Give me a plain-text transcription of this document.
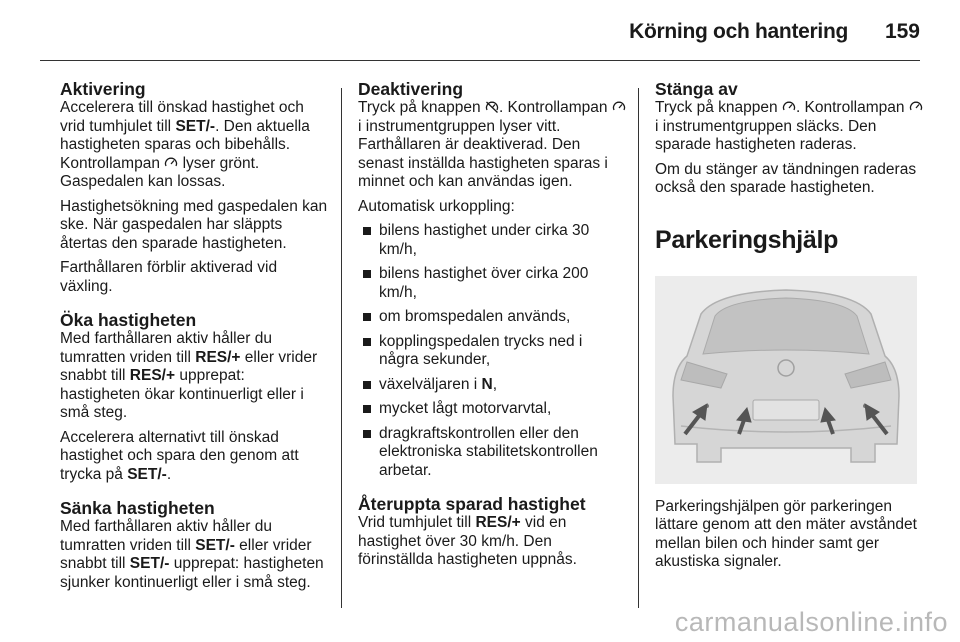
Körning och hantering 159
Aktivering

Accelerera till önskad hastighet och vrid tumhjulet till SET/-. Den aktuella hastigheten sparas och bibehålls. Kontrollampan  lyser grönt.
Gaspedalen kan lossas.

Hastighetsökning med gaspedalen kan ske. När gaspedalen har släppts återtas den sparade hastigheten.

Farthållaren förblir aktiverad vid växling.

Öka hastigheten

Med farthållaren aktiv håller du tumratten vriden till RES/+ eller vrider snabbt till RES/+ upprepat: hastigheten ökar kontinuerligt eller i små steg.

Accelerera alternativt till önskad hastighet och spara den genom att trycka på SET/-.

Sänka hastigheten

Med farthållaren aktiv håller du tumratten vriden till SET/- eller vrider snabbt till SET/- upprepat: hastigheten sjunker kontinuerligt eller i små steg.

Deaktivering

Tryck på knappen . Kontrollampan  i instrumentgruppen lyser vitt. Farthållaren är deaktiverad. Den senast inställda hastigheten sparas i minnet och kan användas igen.

Automatisk urkoppling:

bilens hastighet under cirka 30 km/h,
bilens hastighet över cirka 200 km/h,
om bromspedalen används,
kopplingspedalen trycks ned i några sekunder,
växelväljaren i N,
mycket lågt motorvarvtal,
dragkraftskontrollen eller den elektroniska stabilitetskontrollen arbetar.
Återuppta sparad hastighet

Vrid tumhjulet till RES/+ vid en hastighet över 30 km/h. Den förinställda hastigheten uppnås.

Stänga av

Tryck på knappen . Kontrollampan  i instrumentgruppen släcks. Den sparade hastigheten raderas.

Om du stänger av tändningen raderas också den sparade hastigheten.

Parkeringshjälp

Parkeringshjälpen gör parkeringen lättare genom att den mäter avståndet mellan bilen och hinder samt ger akustiska signaler.

carmanualsonline.info
